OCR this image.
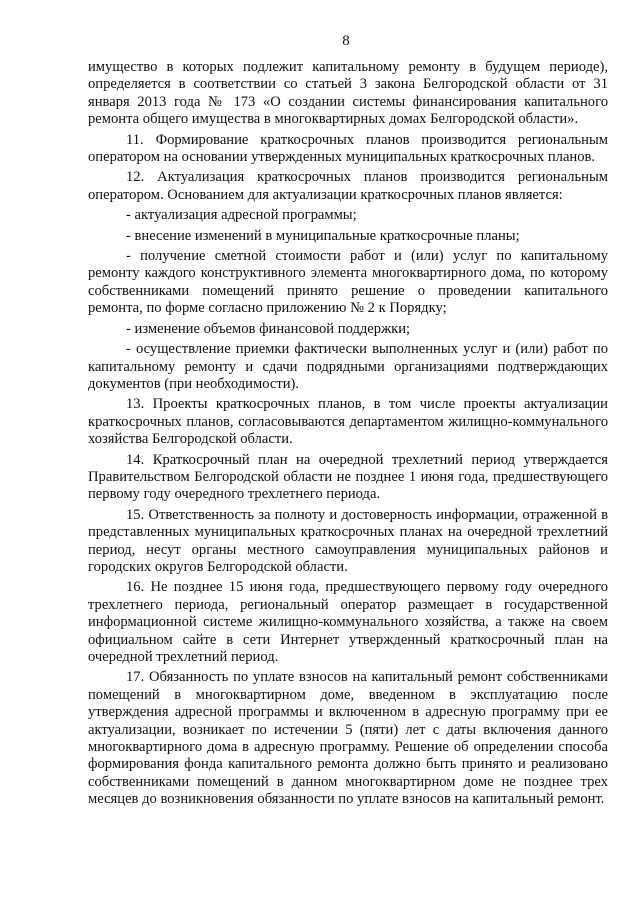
8

имущество в которых подлежит капитальному ремонту в будущем периоде), определяется в соответствии со статьей 3 закона Белгородской области от 31 января 2013 года № 173 «О создании системы финансирования капитального ремонта общего имущества в многоквартирных домах Белгородской области».

11. Формирование краткосрочных планов производится региональным оператором на основании утвержденных муниципальных краткосрочных планов.

12. Актуализация краткосрочных планов производится региональным оператором. Основанием для актуализации краткосрочных планов является:

- актуализация адресной программы;

- внесение изменений в муниципальные краткосрочные планы;

- получение сметной стоимости работ и (или) услуг по капитальному ремонту каждого конструктивного элемента многоквартирного дома, по которому собственниками помещений принято решение о проведении капитального ремонта, по форме согласно приложению № 2 к Порядку;

- изменение объемов финансовой поддержки;

- осуществление приемки фактически выполненных услуг и (или) работ по капитальному ремонту и сдачи подрядными организациями подтверждающих документов (при необходимости).

13. Проекты краткосрочных планов, в том числе проекты актуализации краткосрочных планов, согласовываются департаментом жилищно-коммунального хозяйства Белгородской области.

14. Краткосрочный план на очередной трехлетний период утверждается Правительством Белгородской области не позднее 1 июня года, предшествующего первому году очередного трехлетнего периода.

15. Ответственность за полноту и достоверность информации, отраженной в представленных муниципальных краткосрочных планах на очередной трехлетний период, несут органы местного самоуправления муниципальных районов и городских округов Белгородской области.

16. Не позднее 15 июня года, предшествующего первому году очередного трехлетнего периода, региональный оператор размещает в государственной информационной системе жилищно-коммунального хозяйства, а также на своем официальном сайте в сети Интернет утвержденный краткосрочный план на очередной трехлетний период.

17. Обязанность по уплате взносов на капитальный ремонт собственниками помещений в многоквартирном доме, введенном в эксплуатацию после утверждения адресной программы и включенном в адресную программу при ее актуализации, возникает по истечении 5 (пяти) лет с даты включения данного многоквартирного дома в адресную программу. Решение об определении способа формирования фонда капитального ремонта должно быть принято и реализовано собственниками помещений в данном многоквартирном доме не позднее трех месяцев до возникновения обязанности по уплате взносов на капитальный ремонт.
